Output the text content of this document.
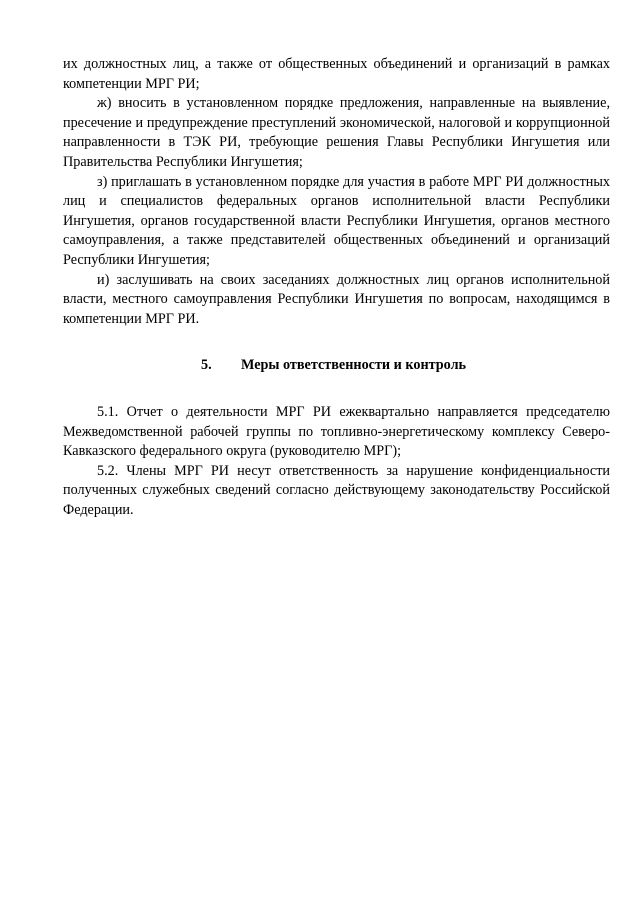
их должностных лиц, а также от общественных объединений и организаций в рамках компетенции МРГ РИ;

ж) вносить в установленном порядке предложения, направленные на выявление, пресечение и предупреждение преступлений экономической, налоговой и коррупционной направленности в ТЭК РИ, требующие решения Главы Республики Ингушетия или Правительства Республики Ингушетия;

з) приглашать в установленном порядке для участия в работе МРГ РИ должностных лиц и специалистов федеральных органов исполнительной власти Республики Ингушетия, органов государственной власти Республики Ингушетия, органов местного самоуправления, а также представителей общественных объединений и организаций Республики Ингушетия;

и) заслушивать на своих заседаниях должностных лиц органов исполнительной власти, местного самоуправления Республики Ингушетия по вопросам, находящимся в компетенции МРГ РИ.

5. Меры ответственности и контроль

5.1. Отчет о деятельности МРГ РИ ежеквартально направляется председателю Межведомственной рабочей группы по топливно-энергетическому комплексу Северо-Кавказского федерального округа (руководителю МРГ);

5.2. Члены МРГ РИ несут ответственность за нарушение конфиденциальности полученных служебных сведений согласно действующему законодательству Российской Федерации.
